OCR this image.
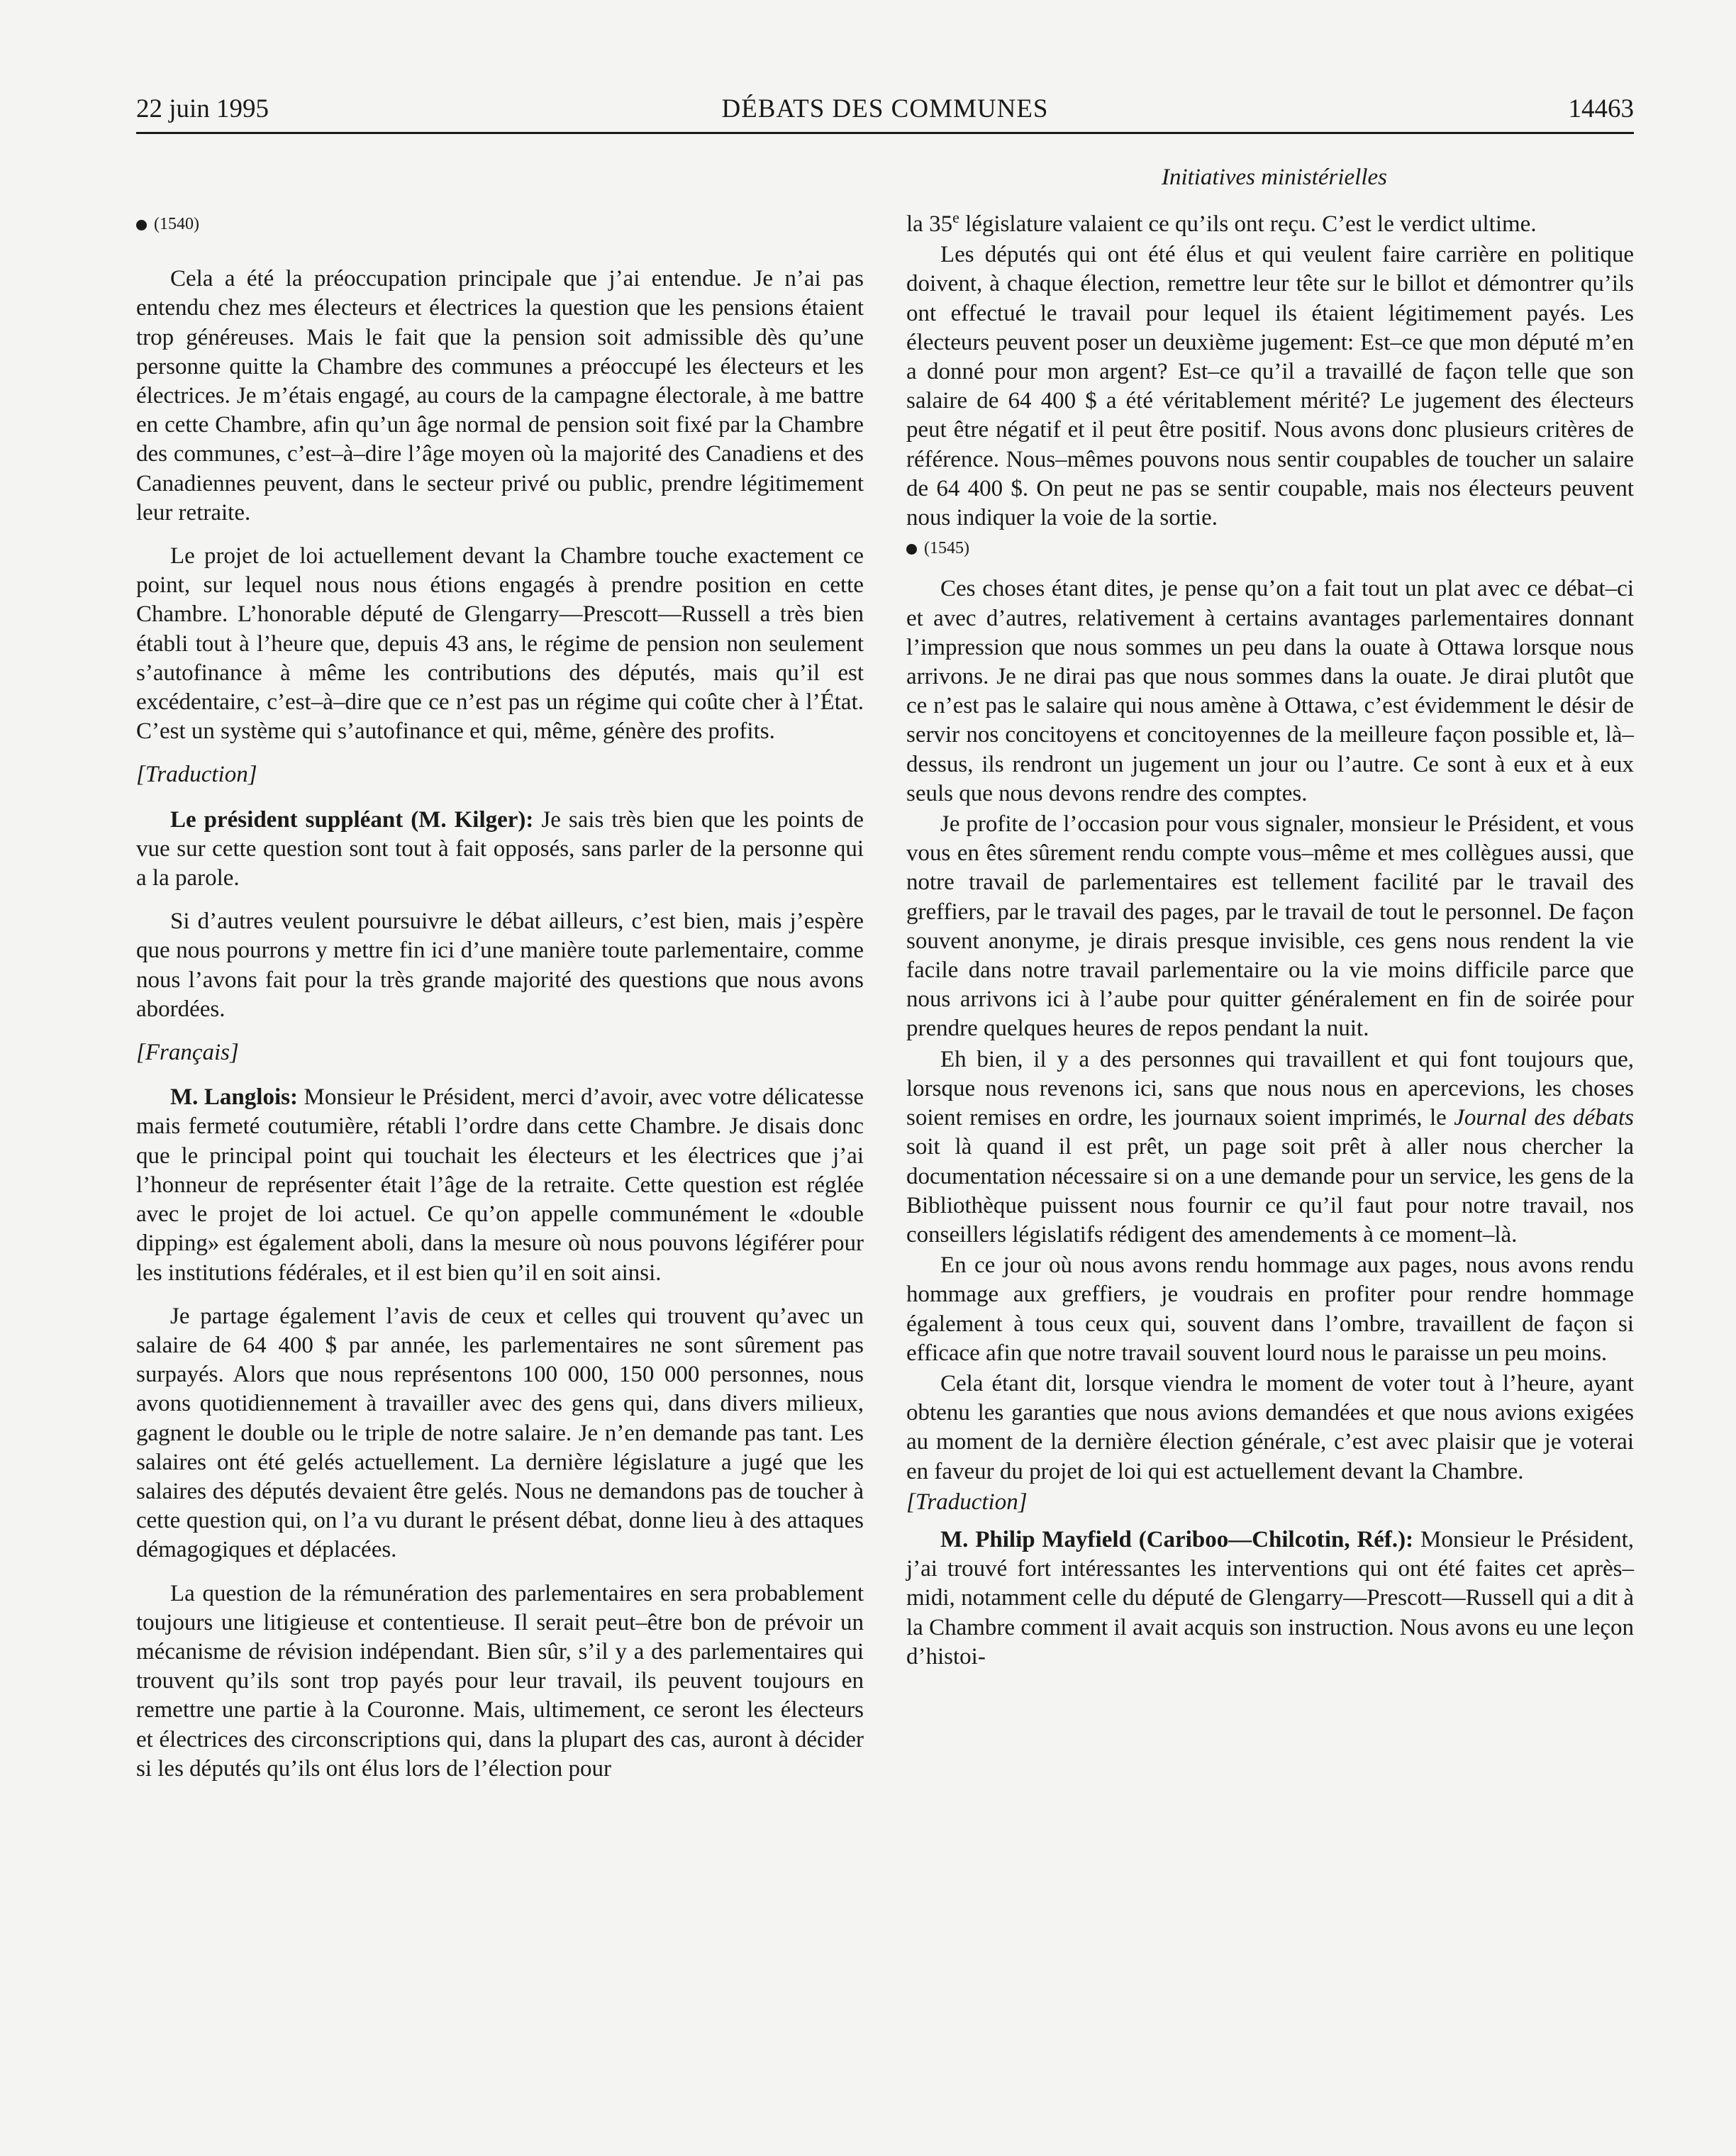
22 juin 1995	DÉBATS DES COMMUNES	14463
Initiatives ministérielles
(1540)

Cela a été la préoccupation principale que j’ai entendue. Je n’ai pas entendu chez mes électeurs et électrices la question que les pensions étaient trop généreuses. Mais le fait que la pension soit admissible dès qu’une personne quitte la Chambre des communes a préoccupé les électeurs et les électrices. Je m’étais engagé, au cours de la campagne électorale, à me battre en cette Chambre, afin qu’un âge normal de pension soit fixé par la Chambre des communes, c’est–à–dire l’âge moyen où la majorité des Canadiens et des Canadiennes peuvent, dans le secteur privé ou public, prendre légitimement leur retraite.

Le projet de loi actuellement devant la Chambre touche exactement ce point, sur lequel nous nous étions engagés à prendre position en cette Chambre. L’honorable député de Glengarry—Prescott—Russell a très bien établi tout à l’heure que, depuis 43 ans, le régime de pension non seulement s’autofinance à même les contributions des députés, mais qu’il est excédentaire, c’est–à–dire que ce n’est pas un régime qui coûte cher à l’État. C’est un système qui s’autofinance et qui, même, génère des profits.

[Traduction]

Le président suppléant (M. Kilger): Je sais très bien que les points de vue sur cette question sont tout à fait opposés, sans parler de la personne qui a la parole.

Si d’autres veulent poursuivre le débat ailleurs, c’est bien, mais j’espère que nous pourrons y mettre fin ici d’une manière toute parlementaire, comme nous l’avons fait pour la très grande majorité des questions que nous avons abordées.

[Français]

M. Langlois: Monsieur le Président, merci d’avoir, avec votre délicatesse mais fermeté coutumière, rétabli l’ordre dans cette Chambre. Je disais donc que le principal point qui touchait les électeurs et les électrices que j’ai l’honneur de représenter était l’âge de la retraite. Cette question est réglée avec le projet de loi actuel. Ce qu’on appelle communément le «double dipping» est également aboli, dans la mesure où nous pouvons légiférer pour les institutions fédérales, et il est bien qu’il en soit ainsi.

Je partage également l’avis de ceux et celles qui trouvent qu’avec un salaire de 64 400 $ par année, les parlementaires ne sont sûrement pas surpayés. Alors que nous représentons 100 000, 150 000 personnes, nous avons quotidiennement à travailler avec des gens qui, dans divers milieux, gagnent le double ou le triple de notre salaire. Je n’en demande pas tant. Les salaires ont été gelés actuellement. La dernière législature a jugé que les salaires des députés devaient être gelés. Nous ne demandons pas de toucher à cette question qui, on l’a vu durant le présent débat, donne lieu à des attaques démagogiques et déplacées.

La question de la rémunération des parlementaires en sera probablement toujours une litigieuse et contentieuse. Il serait peut–être bon de prévoir un mécanisme de révision indépendant. Bien sûr, s’il y a des parlementaires qui trouvent qu’ils sont trop payés pour leur travail, ils peuvent toujours en remettre une partie à la Couronne. Mais, ultimement, ce seront les électeurs et électrices des circonscriptions qui, dans la plupart des cas, auront à décider si les députés qu’ils ont élus lors de l’élection pour

la 35e législature valaient ce qu’ils ont reçu. C’est le verdict ultime.

Les députés qui ont été élus et qui veulent faire carrière en politique doivent, à chaque élection, remettre leur tête sur le billot et démontrer qu’ils ont effectué le travail pour lequel ils étaient légitimement payés. Les électeurs peuvent poser un deuxième jugement: Est–ce que mon député m’en a donné pour mon argent? Est–ce qu’il a travaillé de façon telle que son salaire de 64 400 $ a été véritablement mérité? Le jugement des électeurs peut être négatif et il peut être positif. Nous avons donc plusieurs critères de référence. Nous–mêmes pouvons nous sentir coupables de toucher un salaire de 64 400 $. On peut ne pas se sentir coupable, mais nos électeurs peuvent nous indiquer la voie de la sortie.

(1545)

Ces choses étant dites, je pense qu’on a fait tout un plat avec ce débat–ci et avec d’autres, relativement à certains avantages parlementaires donnant l’impression que nous sommes un peu dans la ouate à Ottawa lorsque nous arrivons. Je ne dirai pas que nous sommes dans la ouate. Je dirai plutôt que ce n’est pas le salaire qui nous amène à Ottawa, c’est évidemment le désir de servir nos concitoyens et concitoyennes de la meilleure façon possible et, là–dessus, ils rendront un jugement un jour ou l’autre. Ce sont à eux et à eux seuls que nous devons rendre des comptes.

Je profite de l’occasion pour vous signaler, monsieur le Président, et vous vous en êtes sûrement rendu compte vous–même et mes collègues aussi, que notre travail de parlementaires est tellement facilité par le travail des greffiers, par le travail des pages, par le travail de tout le personnel. De façon souvent anonyme, je dirais presque invisible, ces gens nous rendent la vie facile dans notre travail parlementaire ou la vie moins difficile parce que nous arrivons ici à l’aube pour quitter généralement en fin de soirée pour prendre quelques heures de repos pendant la nuit.

Eh bien, il y a des personnes qui travaillent et qui font toujours que, lorsque nous revenons ici, sans que nous nous en apercevions, les choses soient remises en ordre, les journaux soient imprimés, le Journal des débats soit là quand il est prêt, un page soit prêt à aller nous chercher la documentation nécessaire si on a une demande pour un service, les gens de la Bibliothèque puissent nous fournir ce qu’il faut pour notre travail, nos conseillers législatifs rédigent des amendements à ce moment–là.

En ce jour où nous avons rendu hommage aux pages, nous avons rendu hommage aux greffiers, je voudrais en profiter pour rendre hommage également à tous ceux qui, souvent dans l’ombre, travaillent de façon si efficace afin que notre travail souvent lourd nous le paraisse un peu moins.

Cela étant dit, lorsque viendra le moment de voter tout à l’heure, ayant obtenu les garanties que nous avions demandées et que nous avions exigées au moment de la dernière élection générale, c’est avec plaisir que je voterai en faveur du projet de loi qui est actuellement devant la Chambre.

[Traduction]

M. Philip Mayfield (Cariboo—Chilcotin, Réf.): Monsieur le Président, j’ai trouvé fort intéressantes les interventions qui ont été faites cet après–midi, notamment celle du député de Glengarry—Prescott—Russell qui a dit à la Chambre comment il avait acquis son instruction. Nous avons eu une leçon d’histoi-
